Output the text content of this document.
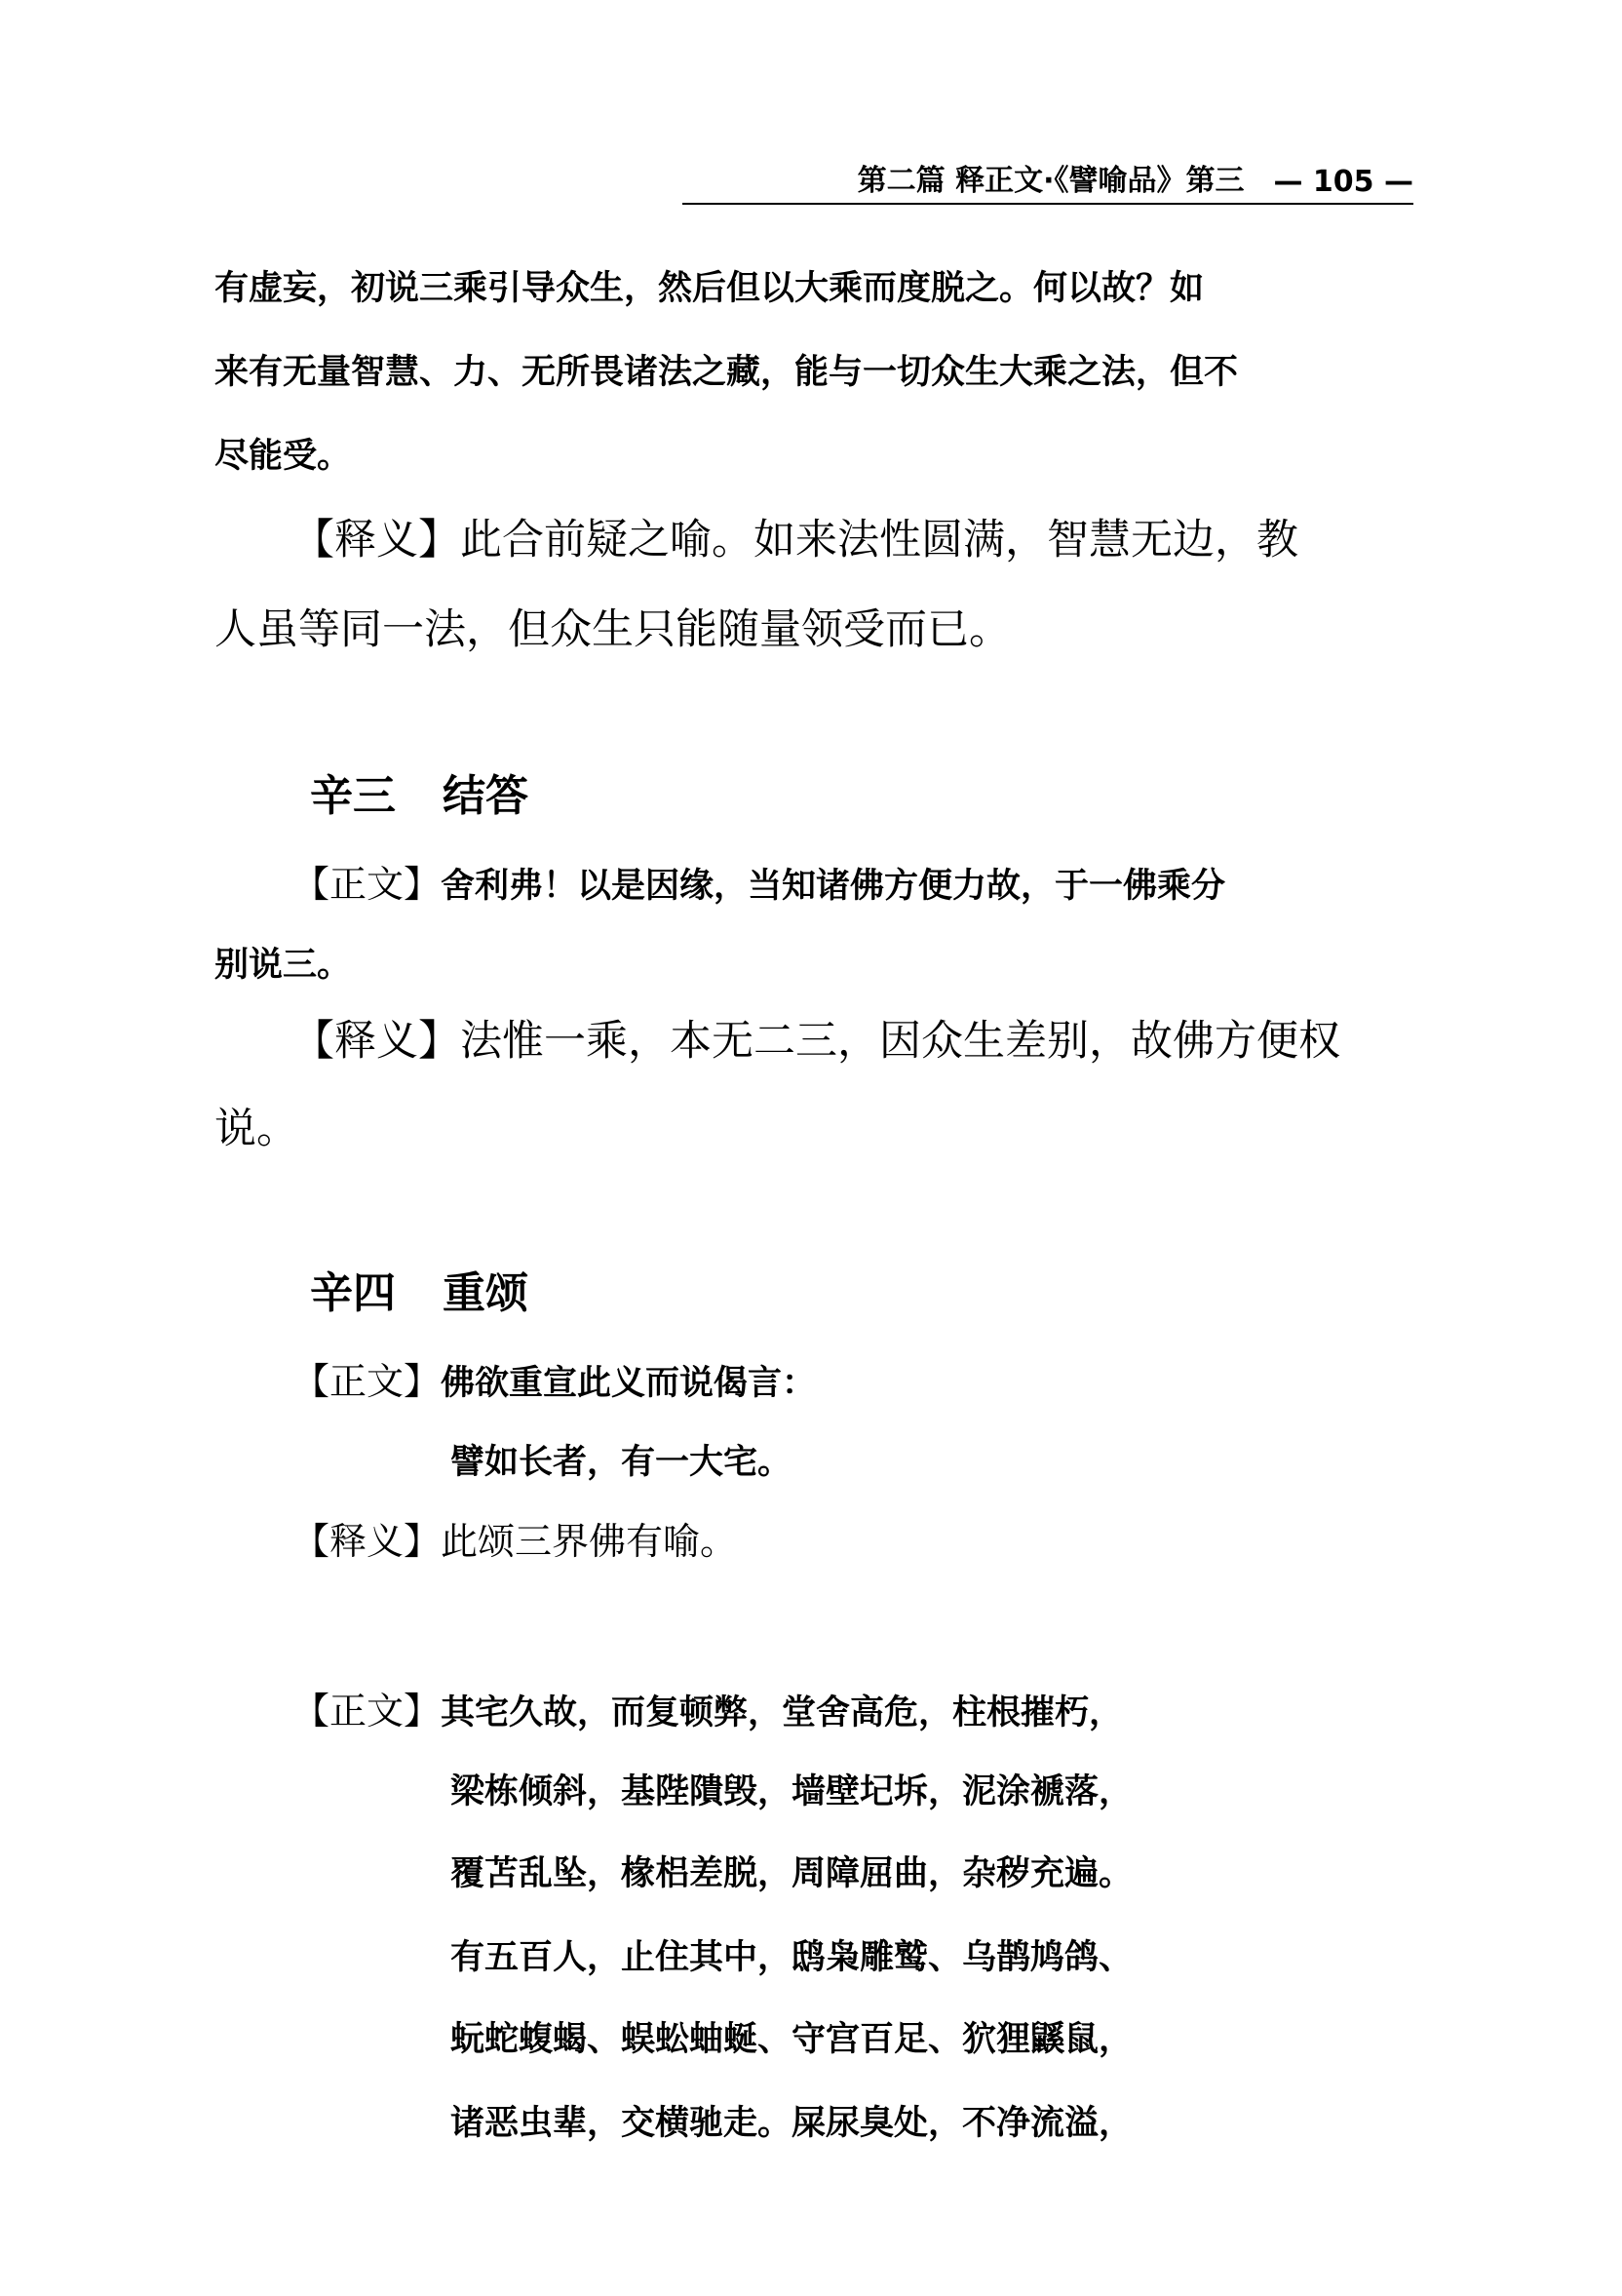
第二篇 释正文·《譬喻品》第三 — 105 —

有虚妄，初说三乘引导众生，然后但以大乘而度脱之。何以故？如

来有无量智慧、力、无所畏诸法之藏，能与一切众生大乘之法，但不

尽能受。

【释义】此合前疑之喻。如来法性圆满，智慧无边，教

人虽等同一法，但众生只能随量领受而已。

辛三 结答

【正文】舍利弗！以是因缘，当知诸佛方便力故，于一佛乘分

别说三。

【释义】法惟一乘，本无二三，因众生差别，故佛方便权

说。

辛四 重颂

【正文】佛欲重宣此义而说偈言：

譬如长者，有一大宅。

【释义】此颂三界佛有喻。

【正文】其宅久故，而复顿弊，堂舍高危，柱根摧朽，

梁栋倾斜，基陛隤毁，墙壁圮坼，泥涂褫落，

覆苫乱坠，椽梠差脱，周障屈曲，杂秽充遍。

有五百人，止住其中，鸱枭雕鹫、乌鹊鸠鸽、

蚖蛇蝮蝎、蜈蚣蚰蜒、守宫百足、狖狸鼷鼠，

诸恶虫辈，交横驰走。屎尿臭处，不净流溢，
